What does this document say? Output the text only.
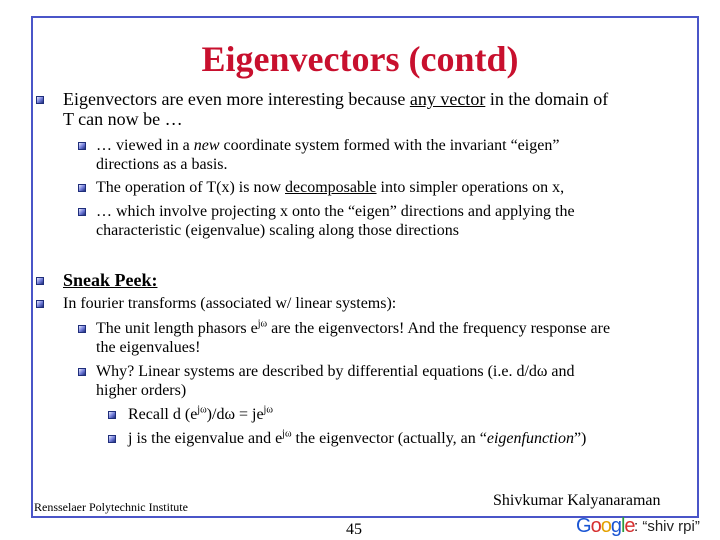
Eigenvectors (contd)
Eigenvectors are even more interesting because any vector in the domain of
T can now be …
… viewed in a new coordinate system formed with the invariant “eigen”
directions as a basis.
The operation of T(x) is now decomposable into simpler operations on x,
… which involve projecting x onto the “eigen” directions and applying the
characteristic (eigenvalue) scaling along those directions
Sneak Peek:
In fourier transforms (associated w/ linear systems):
The unit length phasors $e^{j\omega}$ are the eigenvectors! And the frequency response are
the eigenvalues!
Why? Linear systems are described by differential equations (i.e. d/dω and
higher orders)
Recall d $(e^{j\omega})/d\omega = je^{j\omega}$
j is the eigenvalue and $e^{j\omega}$ the eigenvector (actually, an “eigenfunction”)
Rensselaer Polytechnic Institute	Shivkumar Kalyanaraman
45	Google : “shiv rpi”
